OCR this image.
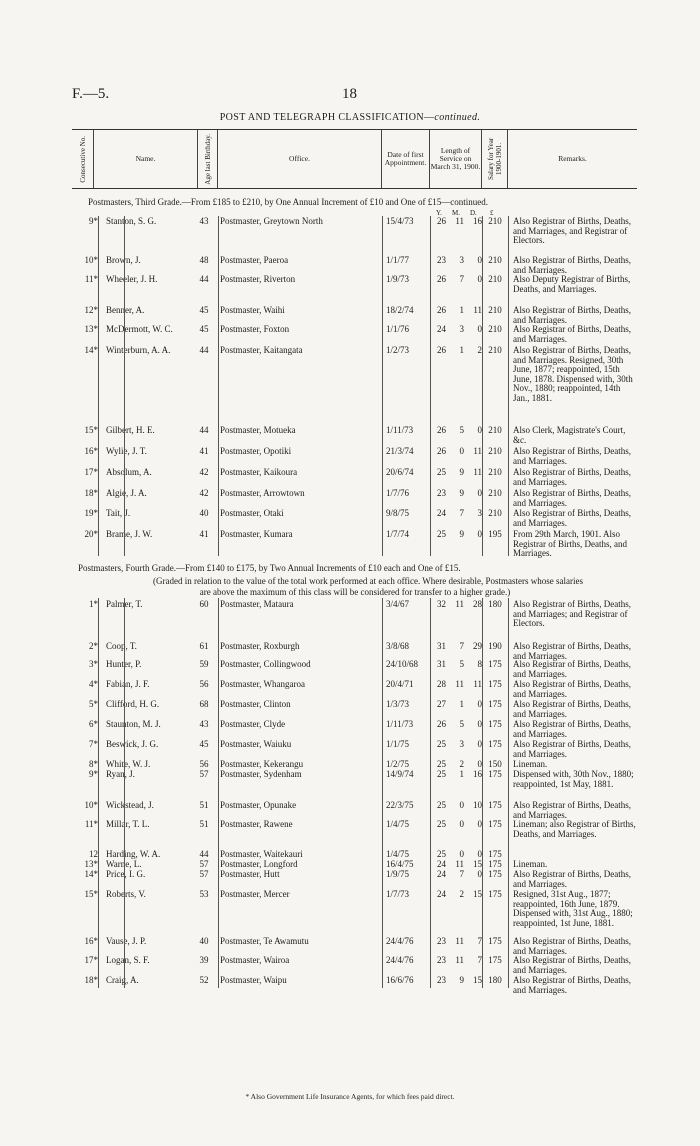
F.—5.	18
POST AND TELEGRAPH CLASSIFICATION—continued.
Consecutive No.	Name.	Age last Birthday.	Office.	Date of first Appointment.
Length of Service on March 31, 1900. Salary for Year 1900-1901.	Remarks.
Postmasters, Third Grade.—From £185 to £210, by One Annual Increment of £10 and One of £15—continued.
Y. M. D. £
9* Stanton, S. G.	43	Postmaster, Greytown North	15/4/73	26	11	16 210	Also Registrar of Births, Deaths, and Marriages, and Registrar of Electors.
10* Brown, J.	48	Postmaster, Paeroa	1/1/77	23	3	0 210	Also Registrar of Births, Deaths, and Marriages.
11* Wheeler, J. H.	44	Postmaster, Riverton	1/9/73	26	7	0 210	Also Deputy Registrar of Births, Deaths, and Marriages.
12* Benner, A.	45	Postmaster, Waihi	18/2/74	26	1	11 210	Also Registrar of Births, Deaths, and Marriages.
13* McDermott, W. C.	45	Postmaster, Foxton	1/1/76	24	3	0 210	Also Registrar of Births, Deaths, and Marriages.
14* Winterburn, A. A.	44	Postmaster, Kaitangata	1/2/73	26	1	2 210	Also Registrar of Births, Deaths, and Marriages. Resigned, 30th June, 1877; reappointed, 15th June, 1878. Dispensed with, 30th Nov., 1880; reappointed, 14th Jan., 1881.
15* Gilbert, H. E.	44	Postmaster, Motueka	1/11/73	26	5	0 210	Also Clerk, Magistrate's Court, &c.
16* Wylie, J. T.	41	Postmaster, Opotiki	21/3/74	26	0	11 210	Also Registrar of Births, Deaths, and Marriages.
17* Absolum, A.	42	Postmaster, Kaikoura	20/6/74	25	9	11 210	Also Registrar of Births, Deaths, and Marriages.
18* Algie, J. A.	42	Postmaster, Arrowtown	1/7/76	23	9	0 210	Also Registrar of Births, Deaths, and Marriages.
19* Tait, J.	40	Postmaster, Otaki	9/8/75	24	7	3 210	Also Registrar of Births, Deaths, and Marriages.
20* Brame, J. W.	41	Postmaster, Kumara	1/7/74	25	9	0 195	From 29th March, 1901. Also Registrar of Births, Deaths, and Marriages.
Postmasters, Fourth Grade.—From £140 to £175, by Two Annual Increments of £10 each and One of £15.
(Graded in relation to the value of the total work performed at each office. Where desirable, Postmasters whose salaries
are above the maximum of this class will be considered for transfer to a higher grade.)
1* Palmer, T.	60	Postmaster, Mataura	3/4/67	32	11	28 180	Also Registrar of Births, Deaths, and Marriages; and Registrar of Electors.
2* Coop, T.	61	Postmaster, Roxburgh	3/8/68	31	7	29 190	Also Registrar of Births, Deaths, and Marriages.
3* Hunter, P.	59	Postmaster, Collingwood	24/10/68	31	5	8 175	Also Registrar of Births, Deaths, and Marriages.
4* Fabian, J. F.	56	Postmaster, Whangaroa	20/4/71	28	11	11 175	Also Registrar of Births, Deaths, and Marriages.
5* Clifford, H. G.	68	Postmaster, Clinton	1/3/73	27	1	0 175	Also Registrar of Births, Deaths, and Marriages.
6* Staunton, M. J.	43	Postmaster, Clyde	1/11/73	26	5	0 175	Also Registrar of Births, Deaths, and Marriages.
7* Beswick, J. G.	45	Postmaster, Waiuku	1/1/75	25	3	0 175	Also Registrar of Births, Deaths, and Marriages.
8* White, W. J.	56	Postmaster, Kekerangu	1/2/75	25	2	0 150	Lineman.
9* Ryan, J.	57	Postmaster, Sydenham	14/9/74	25	1	16 175	Dispensed with, 30th Nov., 1880; reappointed, 1st May, 1881.
10* Wickstead, J.	51	Postmaster, Opunake	22/3/75	25	0	10 175	Also Registrar of Births, Deaths, and Marriages.
11* Millar, T. L.	51	Postmaster, Rawene	1/4/75	25	0	0 175	Lineman; also Registrar of Births, Deaths, and Marriages.
12 Harding, W. A.	44	Postmaster, Waitekauri	1/4/75	25	0	0 175
13* Warne, L.	57	Postmaster, Longford	16/4/75	24	11	15 175	Lineman.
14* Price, I. G.	57	Postmaster, Hutt	1/9/75	24	7	0 175	Also Registrar of Births, Deaths, and Marriages.
15* Roberts, V.	53	Postmaster, Mercer	1/7/73	24	2	15 175	Resigned, 31st Aug., 1877; reappointed, 16th June, 1879. Dispensed with, 31st Aug., 1880; reappointed, 1st June, 1881.
16* Vause, J. P.	40	Postmaster, Te Awamutu	24/4/76	23	11	7 175	Also Registrar of Births, Deaths, and Marriages.
17* Logan, S. F.	39	Postmaster, Wairoa	24/4/76	23	11	7 175	Also Registrar of Births, Deaths, and Marriages.
18* Craig, A.	52	Postmaster, Waipu	16/6/76	23	9	15 180	Also Registrar of Births, Deaths, and Marriages.
* Also Government Life Insurance Agents, for which fees paid direct.
